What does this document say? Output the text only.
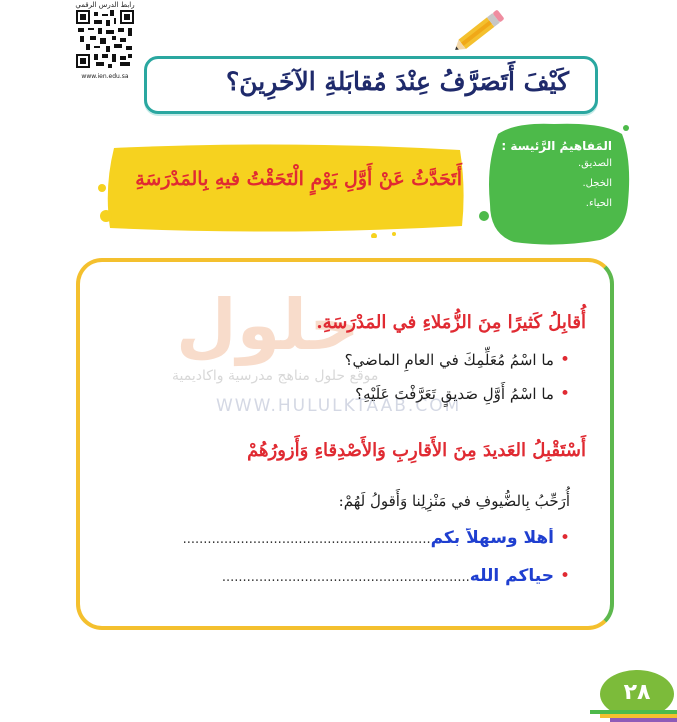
رابط الدرس الرقمي
www.ien.edu.sa	كَيْفَ أَتَصَرَّفُ عِنْدَ مُقابَلةِ الآخَرِينَ؟
المَفاهيمُ الرَّئيسة :
الصديق.
الخجل.
الحياء.
أَتَحَدَّثُ عَنْ أَوَّلِ يَوْمٍ الْتَحَقْتُ فيهِ بِالمَدْرَسَةِ
حلول
موقع حلول مناهج مدرسية واكاديمية
WWW.HULULKTAAB.COM
أُقابِلُ كَثيرًا مِنَ الزُّمَلاءِ في المَدْرَسَةِ.
•ما اسْمُ مُعَلِّمِكَ في العامِ الماضي؟
•ما اسْمُ أَوَّلِ صَديقٍ تَعَرَّفْتَ عَلَيْهِ؟
أَسْتَقْبِلُ العَديدَ مِنَ الأَقارِبِ وَالأَصْدِقاءِ وَأَزورُهُمْ
أُرَحِّبُ بِالضُّيوفِ في مَنْزِلِنا وَأَقولُ لَهُمْ:
•أهلا وسهلاً بكم............................................................
•حياكم الله............................................................
٢٨
